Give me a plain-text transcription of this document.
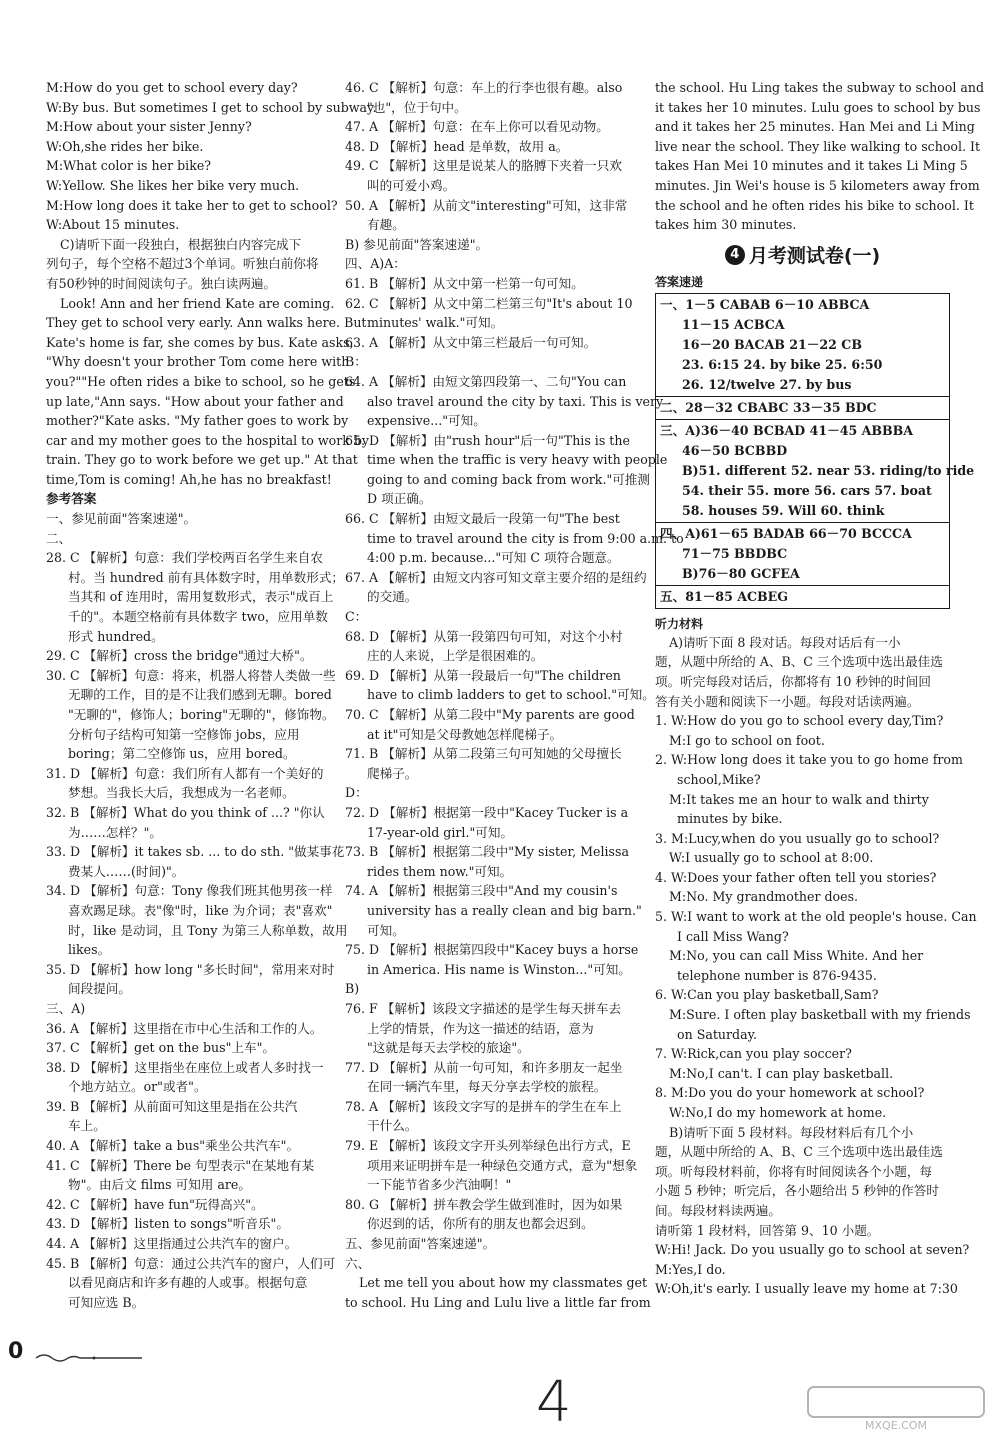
M:How do you get to school every day?
W:By bus. But sometimes I get to school by subway.
M:How about your sister Jenny?
W:Oh,she rides her bike.
M:What color is her bike?
W:Yellow. She likes her bike very much.
M:How long does it take her to get to school?
W:About 15 minutes.
C)请听下面一段独白，根据独白内容完成下
列句子，每个空格不超过3个单词。听独白前你将
有50秒钟的时间阅读句子。独白读两遍。
Look! Ann and her friend Kate are coming.
They get to school very early. Ann walks here. But
Kate's home is far, she comes by bus. Kate asks,
"Why doesn't your brother Tom come here with
you?""He often rides a bike to school, so he gets
up late,"Ann says. "How about your father and
mother?"Kate asks. "My father goes to work by
car and my mother goes to the hospital to work by
train. They go to work before we get up." At that
time,Tom is coming! Ah,he has no breakfast!
参考答案
一、参见前面"答案速递"。
二、
28. C 【解析】句意：我们学校两百名学生来自农
村。当 hundred 前有具体数字时，用单数形式；
当其和 of 连用时，需用复数形式，表示"成百上
千的"。本题空格前有具体数字 two，应用单数
形式 hundred。
29. C 【解析】cross the bridge"通过大桥"。
30. C 【解析】句意：将来，机器人将替人类做一些
无聊的工作，目的是不让我们感到无聊。bored
"无聊的"，修饰人；boring"无聊的"，修饰物。
分析句子结构可知第一空修饰 jobs，应用
boring；第二空修饰 us，应用 bored。
31. D 【解析】句意：我们所有人都有一个美好的
梦想。当我长大后，我想成为一名老师。
32. B 【解析】What do you think of ...? "你认
为……怎样？"。
33. D 【解析】it takes sb. ... to do sth. "做某事花
费某人……(时间)"。
34. D 【解析】句意：Tony 像我们班其他男孩一样
喜欢踢足球。表"像"时，like 为介词；表"喜欢"
时，like 是动词，且 Tony 为第三人称单数，故用
likes。
35. D 【解析】how long "多长时间"，常用来对时
间段提问。
三、A)
36. A 【解析】这里指在市中心生活和工作的人。
37. C 【解析】get on the bus"上车"。
38. D 【解析】这里指坐在座位上或者人多时找一
个地方站立。or"或者"。
39. B 【解析】从前面可知这里是指在公共汽
车上。
40. A 【解析】take a bus"乘坐公共汽车"。
41. C 【解析】There be 句型表示"在某地有某
物"。由后文 films 可知用 are。
42. C 【解析】have fun"玩得高兴"。
43. D 【解析】listen to songs"听音乐"。
44. A 【解析】这里指通过公共汽车的窗户。
45. B 【解析】句意：通过公共汽车的窗户，人们可
以看见商店和许多有趣的人或事。根据句意
可知应选 B。
46. C 【解析】句意：车上的行李也很有趣。also
"也"，位于句中。
47. A 【解析】句意：在车上你可以看见动物。
48. D 【解析】head 是单数，故用 a。
49. C 【解析】这里是说某人的胳膊下夹着一只欢
叫的可爱小鸡。
50. A 【解析】从前文"interesting"可知，这非常
有趣。
B) 参见前面"答案速递"。
四、A)A：
61. B 【解析】从文中第一栏第一句可知。
62. C 【解析】从文中第二栏第三句"It's about 10
minutes' walk."可知。
63. A 【解析】从文中第三栏最后一句可知。
B：
64. A 【解析】由短文第四段第一、二句"You can
also travel around the city by taxi. This is very
expensive..."可知。
65. D 【解析】由"rush hour"后一句"This is the
time when the traffic is very heavy with people
going to and coming back from work."可推测
D 项正确。
66. C 【解析】由短文最后一段第一句"The best
time to travel around the city is from 9:00 a.m. to
4:00 p.m. because..."可知 C 项符合题意。
67. A 【解析】由短文内容可知文章主要介绍的是纽约
的交通。
C：
68. D 【解析】从第一段第四句可知，对这个小村
庄的人来说，上学是很困难的。
69. D 【解析】从第一段最后一句"The children
have to climb ladders to get to school."可知。
70. C 【解析】从第二段中"My parents are good
at it"可知是父母教她怎样爬梯子。
71. B 【解析】从第二段第三句可知她的父母擅长
爬梯子。
D：
72. D 【解析】根据第一段中"Kacey Tucker is a
17-year-old girl."可知。
73. B 【解析】根据第二段中"My sister, Melissa
rides them now."可知。
74. A 【解析】根据第三段中"And my cousin's
university has a really clean and big barn."
可知。
75. D 【解析】根据第四段中"Kacey buys a horse
in America. His name is Winston..."可知。
B)
76. F 【解析】该段文字描述的是学生每天拼车去
上学的情景，作为这一描述的结语，意为
"这就是每天去学校的旅途"。
77. D 【解析】从前一句可知，和许多朋友一起坐
在同一辆汽车里，每天分享去学校的旅程。
78. A 【解析】该段文字写的是拼车的学生在车上
干什么。
79. E 【解析】该段文字开头列举绿色出行方式，E
项用来证明拼车是一种绿色交通方式，意为"想象
一下能节省多少汽油啊！"
80. G 【解析】拼车教会学生做到准时，因为如果
你迟到的话，你所有的朋友也都会迟到。
五、参见前面"答案速递"。
六、
Let me tell you about how my classmates get
to school. Hu Ling and Lulu live a little far from
the school. Hu Ling takes the subway to school and
it takes her 10 minutes. Lulu goes to school by bus
and it takes her 25 minutes. Han Mei and Li Ming
live near the school. They like walking to school. It
takes Han Mei 10 minutes and it takes Li Ming 5
minutes. Jin Wei's house is 5 kilometers away from
the school and he often rides his bike to school. It
takes him 30 minutes.
4 月考测试卷(一)
答案速递
一、1－5 CABAB 6－10 ABBCA
11－15 ACBCA
16－20 BACAB 21－22 CB
23. 6:15 24. by bike 25. 6:50
26. 12/twelve 27. by bus
二、28－32 CBABC 33－35 BDC
三、A)36－40 BCBAD 41－45 ABBBA
46－50 BCBBD
B)51. different 52. near 53. riding/to ride
54. their 55. more 56. cars 57. boat
58. houses 59. Will 60. think
四、A)61－65 BADAB 66－70 BCCCA
71－75 BBDBC
B)76－80 GCFEA
五、81－85 ACBEG
听力材料
A)请听下面 8 段对话。每段对话后有一小
题，从题中所给的 A、B、C 三个选项中选出最佳选
项。听完每段对话后，你都将有 10 秒钟的时间回
答有关小题和阅读下一小题。每段对话读两遍。
1. W:How do you go to school every day,Tim?
M:I go to school on foot.
2. W:How long does it take you to go home from
school,Mike?
M:It takes me an hour to walk and thirty
minutes by bike.
3. M:Lucy,when do you usually go to school?
W:I usually go to school at 8:00.
4. W:Does your father often tell you stories?
M:No. My grandmother does.
5. W:I want to work at the old people's house. Can
I call Miss Wang?
M:No, you can call Miss White. And her
telephone number is 876-9435.
6. W:Can you play basketball,Sam?
M:Sure. I often play basketball with my friends
on Saturday.
7. W:Rick,can you play soccer?
M:No,I can't. I can play basketball.
8. M:Do you do your homework at school?
W:No,I do my homework at home.
B)请听下面 5 段材料。每段材料后有几个小
题，从题中所给的 A、B、C 三个选项中选出最佳选
项。听每段材料前，你将有时间阅读各个小题，每
小题 5 秒钟；听完后，各小题给出 5 秒钟的作答时
间。每段材料读两遍。
请听第 1 段材料，回答第 9、10 小题。
W:Hi! Jack. Do you usually go to school at seven?
M:Yes,I do.
W:Oh,it's early. I usually leave my home at 7:30
0
4	MXQE.COM
